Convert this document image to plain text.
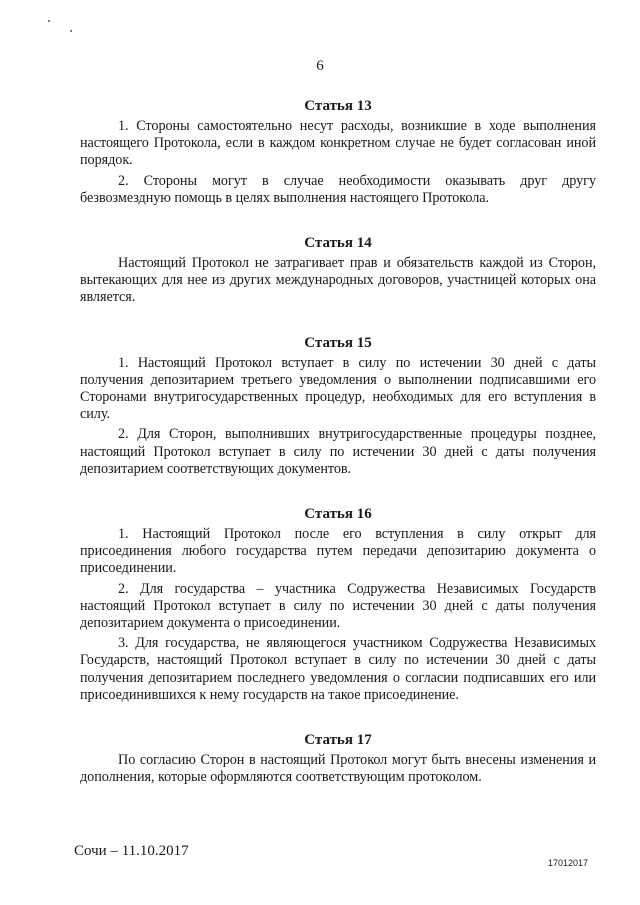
6
Статья 13

1. Стороны самостоятельно несут расходы, возникшие в ходе выполнения настоящего Протокола, если в каждом конкретном случае не будет согласован иной порядок.

2. Стороны могут в случае необходимости оказывать друг другу безвозмездную помощь в целях выполнения настоящего Протокола.

Статья 14

Настоящий Протокол не затрагивает прав и обязательств каждой из Сторон, вытекающих для нее из других международных договоров, участницей которых она является.

Статья 15

1. Настоящий Протокол вступает в силу по истечении 30 дней с даты получения депозитарием третьего уведомления о выполнении подписавшими его Сторонами внутригосударственных процедур, необходимых для его вступления в силу.

2. Для Сторон, выполнивших внутригосударственные процедуры позднее, настоящий Протокол вступает в силу по истечении 30 дней с даты получения депозитарием соответствующих документов.

Статья 16

1. Настоящий Протокол после его вступления в силу открыт для присоединения любого государства путем передачи депозитарию документа о присоединении.

2. Для государства – участника Содружества Независимых Государств настоящий Протокол вступает в силу по истечении 30 дней с даты получения депозитарием документа о присоединении.

3. Для государства, не являющегося участником Содружества Независимых Государств, настоящий Протокол вступает в силу по истечении 30 дней с даты получения депозитарием последнего уведомления о согласии подписавших его или присоединившихся к нему государств на такое присоединение.

Статья 17

По согласию Сторон в настоящий Протокол могут быть внесены изменения и дополнения, которые оформляются соответствующим протоколом.

Сочи – 11.10.2017
17012017
